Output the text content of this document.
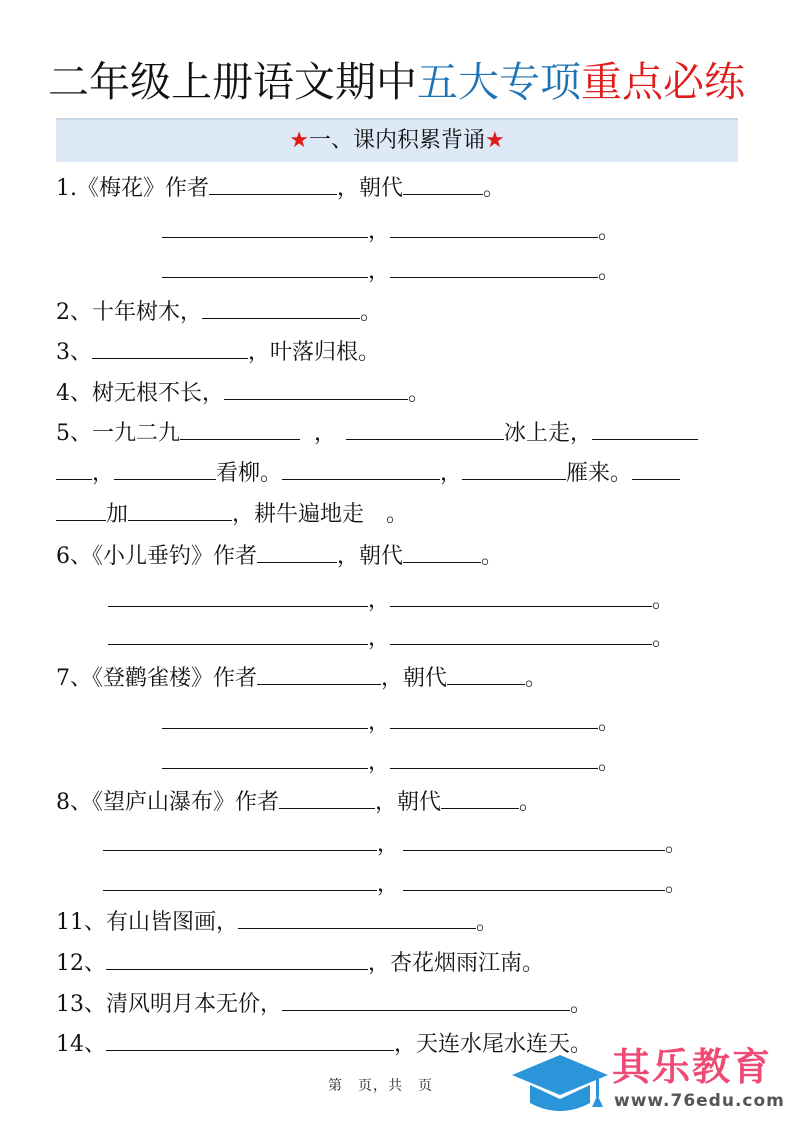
二年级上册语文期中五大专项重点必练
★一、课内积累背诵★
1.《梅花》作者	，朝代	。
，	。
，	。
2、十年树木，	。
3、	，叶落归根。
4、树无根不长，	。
5、一九二九	，	冰上走，
，	看柳。	，	雁来。
加	，耕牛遍地走　。
6、《小儿垂钓》作者	，朝代	。
，	。
，	。
7、《登鹳雀楼》作者	，朝代	。
，	。
，	。
8、《望庐山瀑布》作者	，朝代	。
，	。
，	。
11、有山皆图画，	。
12、	，杏花烟雨江南。
13、清风明月本无价，	。
14、	，天连水尾水连天。
第　页，共　页	其乐教育
www.76edu.com
